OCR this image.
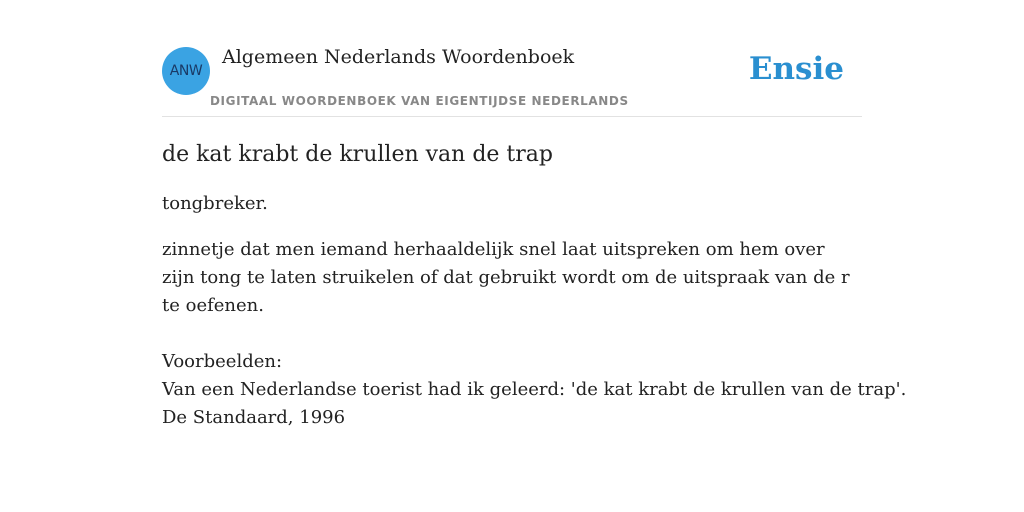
ANW
Algemeen Nederlands Woordenboek
DIGITAAL WOORDENBOEK VAN EIGENTIJDSE NEDERLANDS
Ensie
de kat krabt de krullen van de trap

tongbreker.

zinnetje dat men iemand herhaaldelijk snel laat uitspreken om hem over zijn tong te laten struikelen of dat gebruikt wordt om de uitspraak van de r te oefenen.

Voorbeelden:

Van een Nederlandse toerist had ik geleerd: 'de kat krabt de krullen van de trap'.

De Standaard, 1996
